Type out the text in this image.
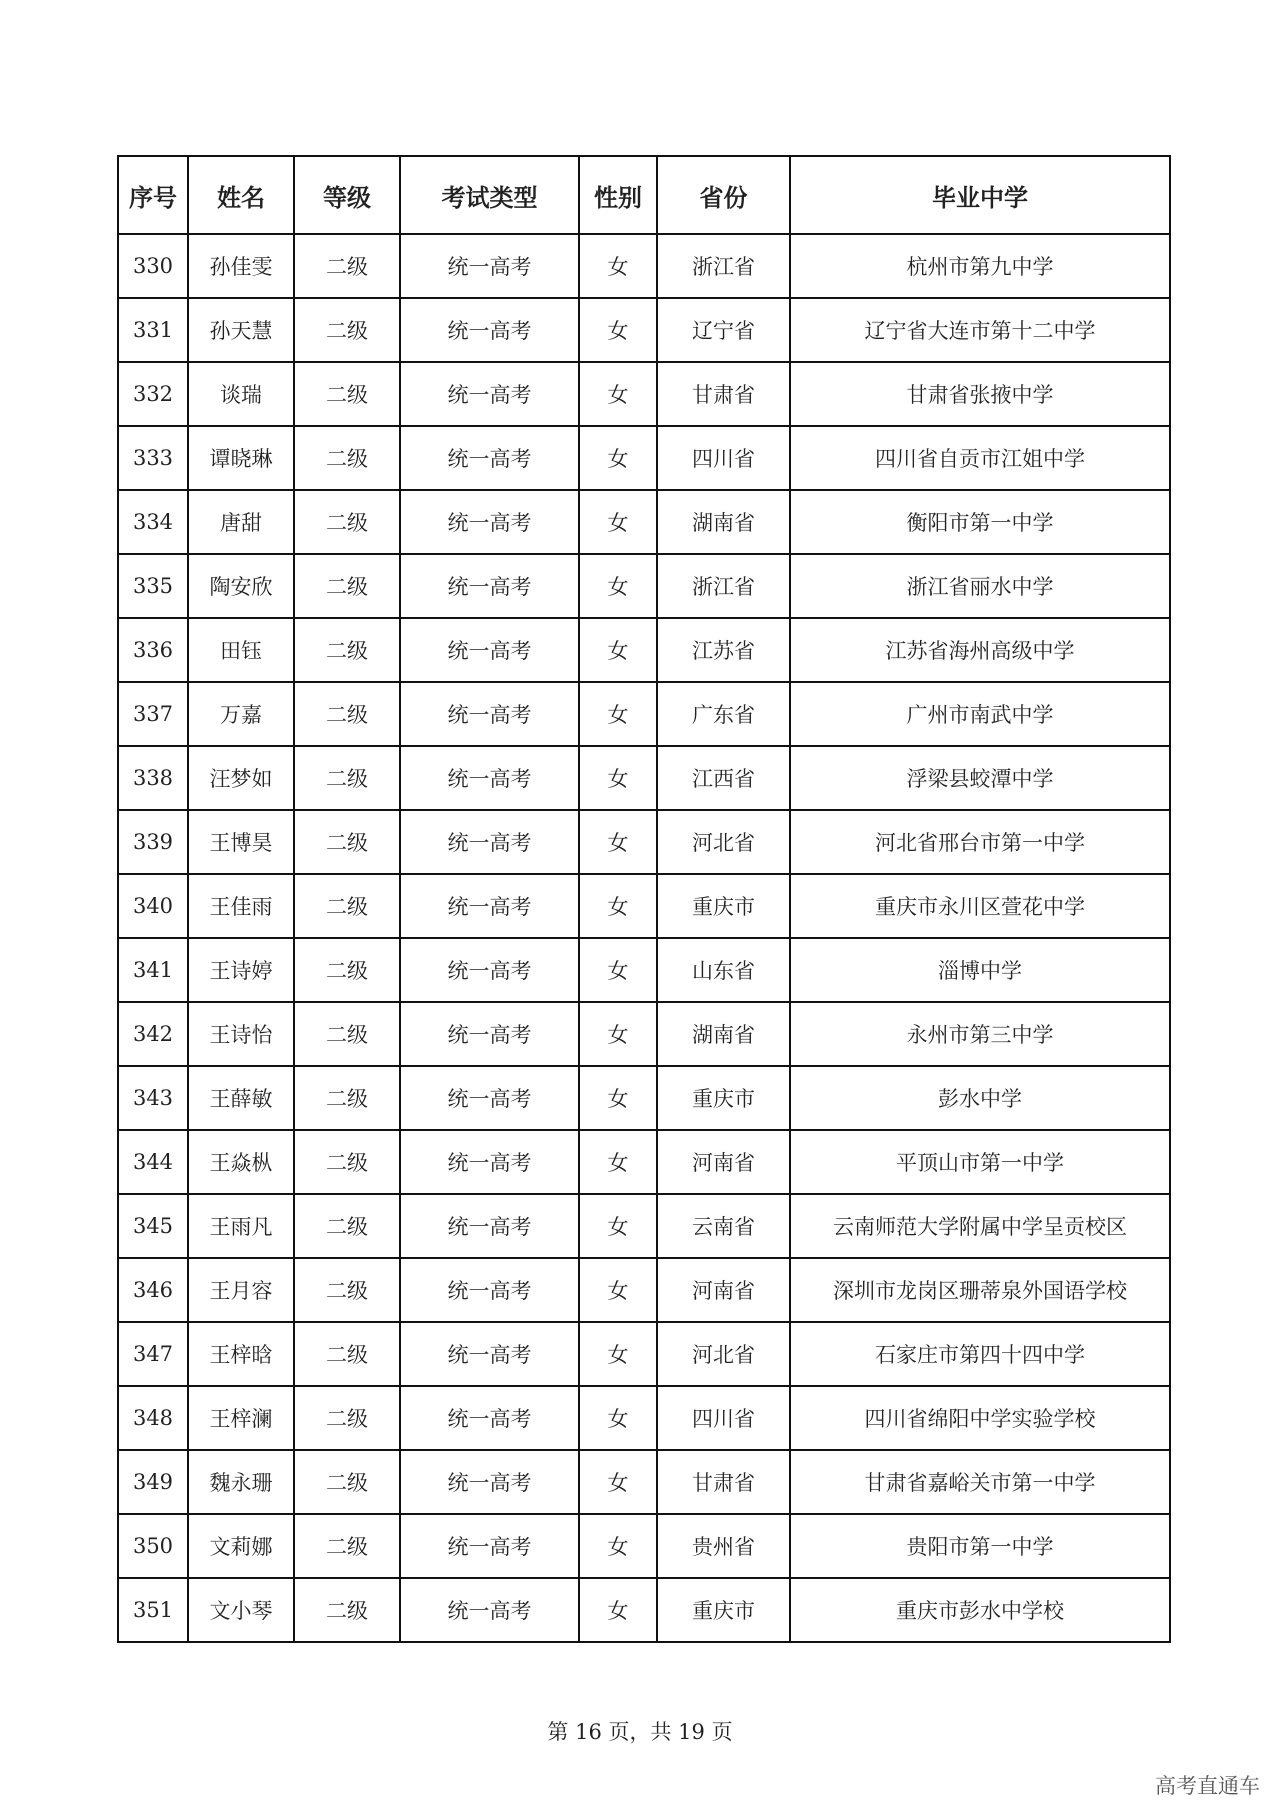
序号	姓名	等级	考试类型	性别	省份	毕业中学
330	孙佳雯	二级	统一高考	女	浙江省	杭州市第九中学
331	孙天慧	二级	统一高考	女	辽宁省	辽宁省大连市第十二中学
332	谈瑞	二级	统一高考	女	甘肃省	甘肃省张掖中学
333	谭晓琳	二级	统一高考	女	四川省	四川省自贡市江姐中学
334	唐甜	二级	统一高考	女	湖南省	衡阳市第一中学
335	陶安欣	二级	统一高考	女	浙江省	浙江省丽水中学
336	田钰	二级	统一高考	女	江苏省	江苏省海州高级中学
337	万嘉	二级	统一高考	女	广东省	广州市南武中学
338	汪梦如	二级	统一高考	女	江西省	浮梁县蛟潭中学
339	王博昊	二级	统一高考	女	河北省	河北省邢台市第一中学
340	王佳雨	二级	统一高考	女	重庆市	重庆市永川区萱花中学
341	王诗婷	二级	统一高考	女	山东省	淄博中学
342	王诗怡	二级	统一高考	女	湖南省	永州市第三中学
343	王薛敏	二级	统一高考	女	重庆市	彭水中学
344	王焱枞	二级	统一高考	女	河南省	平顶山市第一中学
345	王雨凡	二级	统一高考	女	云南省	云南师范大学附属中学呈贡校区
346	王月容	二级	统一高考	女	河南省	深圳市龙岗区珊蒂泉外国语学校
347	王梓晗	二级	统一高考	女	河北省	石家庄市第四十四中学
348	王梓澜	二级	统一高考	女	四川省	四川省绵阳中学实验学校
349	魏永珊	二级	统一高考	女	甘肃省	甘肃省嘉峪关市第一中学
350	文莉娜	二级	统一高考	女	贵州省	贵阳市第一中学
351	文小琴	二级	统一高考	女	重庆市	重庆市彭水中学校
第 16 页，共 19 页
高考直通车
